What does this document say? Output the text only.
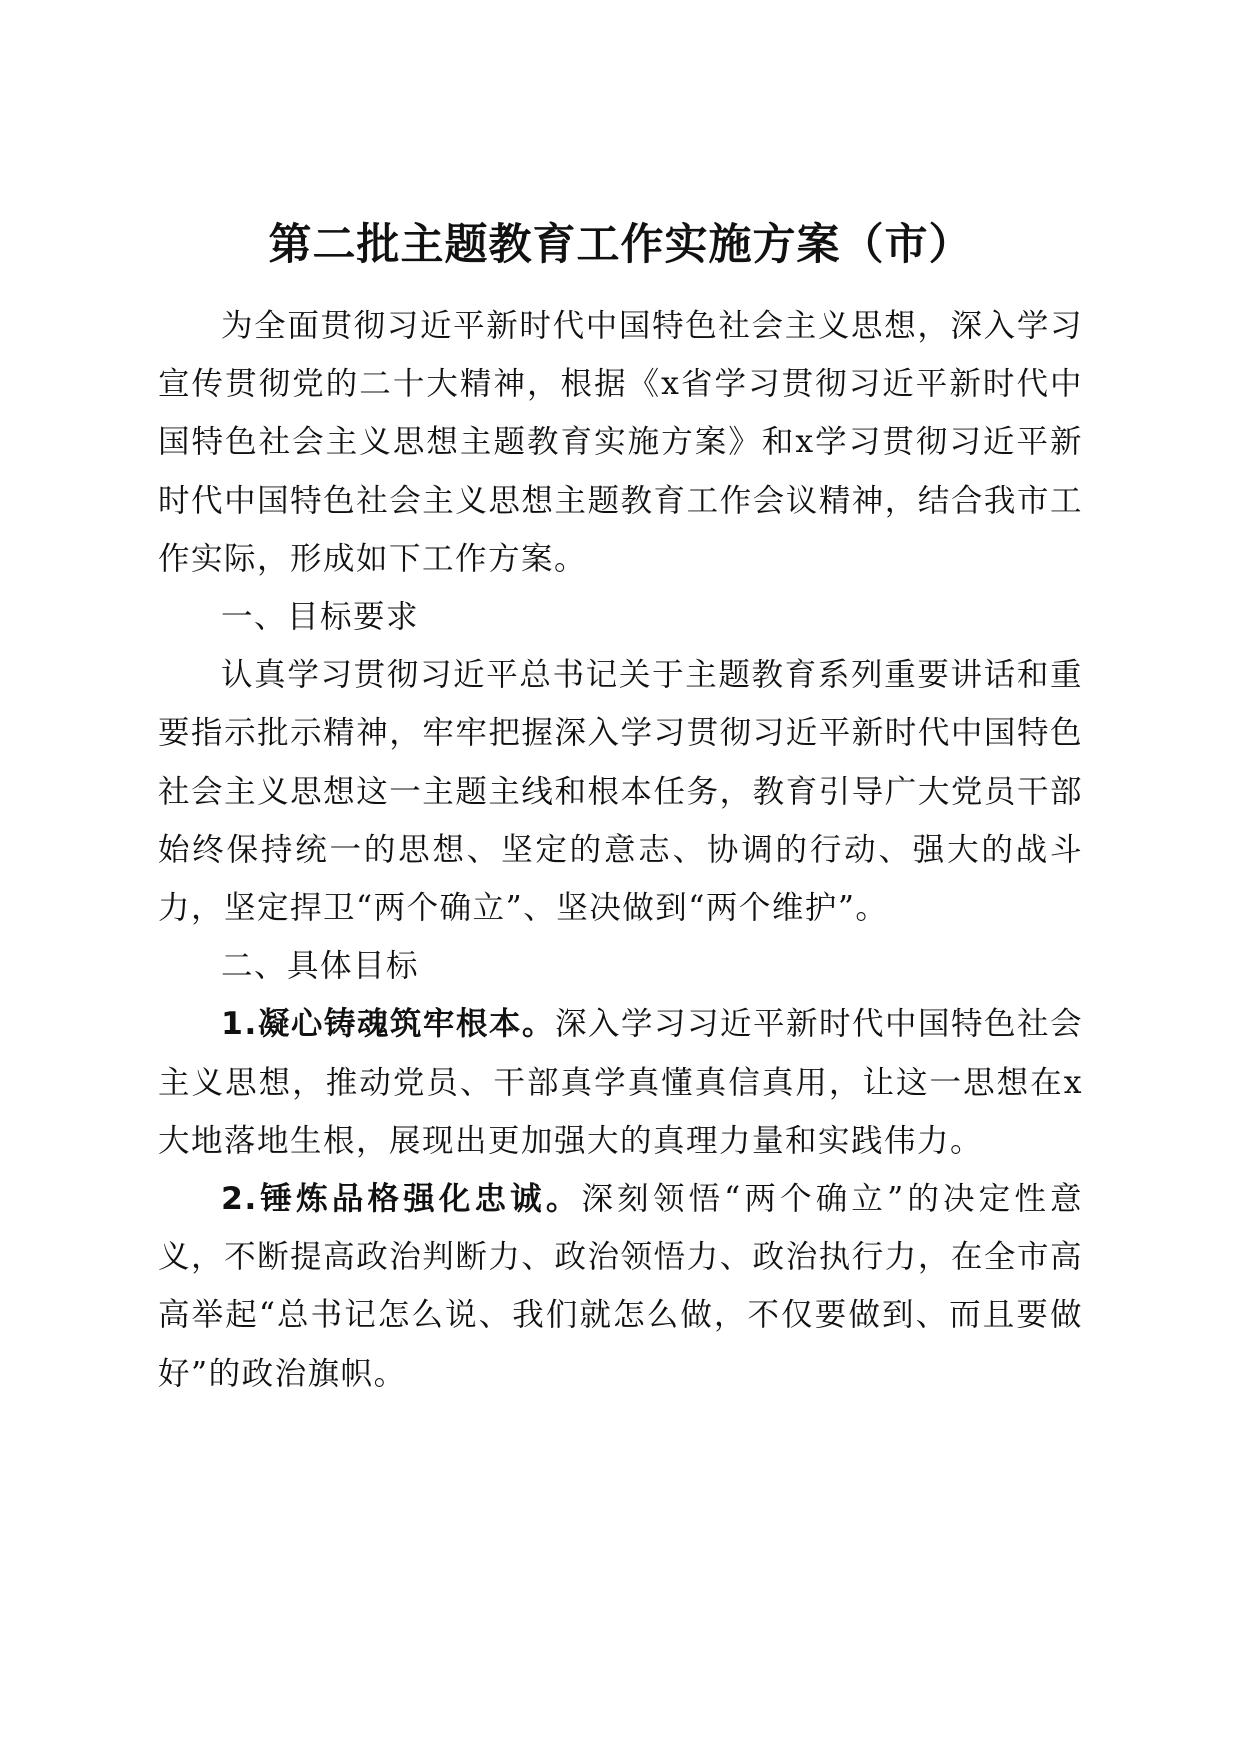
第二批主题教育工作实施方案（市）

为全面贯彻习近平新时代中国特色社会主义思想，深入学习宣传贯彻党的二十大精神，根据《x省学习贯彻习近平新时代中国特色社会主义思想主题教育实施方案》和x学习贯彻习近平新时代中国特色社会主义思想主题教育工作会议精神，结合我市工作实际，形成如下工作方案。

一、目标要求

认真学习贯彻习近平总书记关于主题教育系列重要讲话和重要指示批示精神，牢牢把握深入学习贯彻习近平新时代中国特色社会主义思想这一主题主线和根本任务，教育引导广大党员干部始终保持统一的思想、坚定的意志、协调的行动、强大的战斗力，坚定捍卫“两个确立”、坚决做到“两个维护”。

二、具体目标

1.凝心铸魂筑牢根本。深入学习习近平新时代中国特色社会主义思想，推动党员、干部真学真懂真信真用，让这一思想在x大地落地生根，展现出更加强大的真理力量和实践伟力。

2.锤炼品格强化忠诚。深刻领悟“两个确立”的决定性意义，不断提高政治判断力、政治领悟力、政治执行力，在全市高高举起“总书记怎么说、我们就怎么做，不仅要做到、而且要做好”的政治旗帜。
